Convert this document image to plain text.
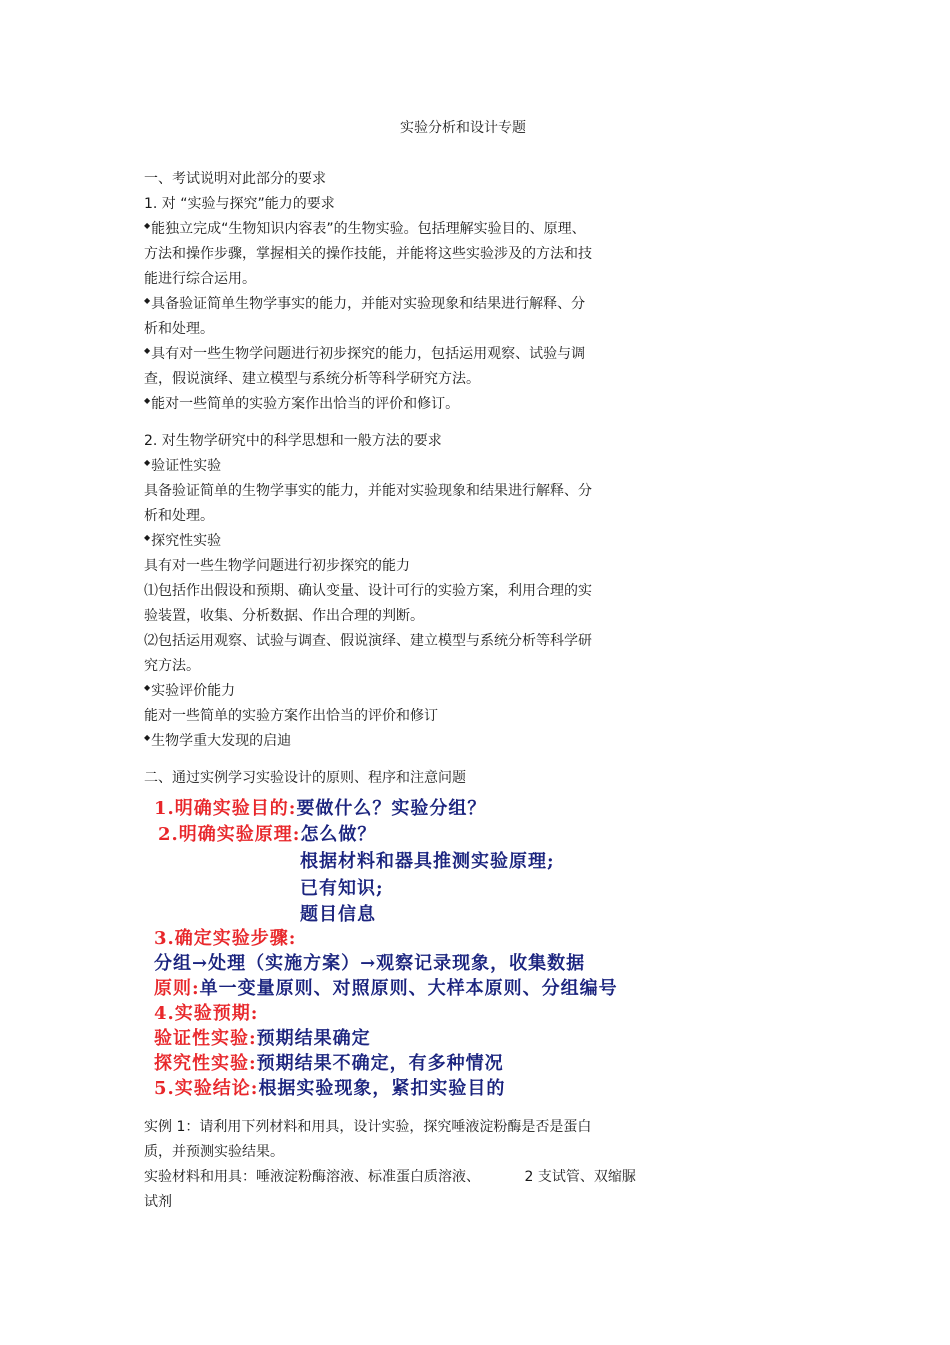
实验分析和设计专题
一、考试说明对此部分的要求
1. 对 “实验与探究”能力的要求
◆能独立完成“生物知识内容表”的生物实验。包括理解实验目的、原理、
方法和操作步骤，掌握相关的操作技能，并能将这些实验涉及的方法和技
能进行综合运用。
◆具备验证简单生物学事实的能力，并能对实验现象和结果进行解释、分
析和处理。
◆具有对一些生物学问题进行初步探究的能力，包括运用观察、试验与调
查，假说演绎、建立模型与系统分析等科学研究方法。
◆能对一些简单的实验方案作出恰当的评价和修订。
2. 对生物学研究中的科学思想和一般方法的要求
◆验证性实验
具备验证简单的生物学事实的能力，并能对实验现象和结果进行解释、分
析和处理。
◆探究性实验
具有对一些生物学问题进行初步探究的能力
⑴包括作出假设和预期、确认变量、设计可行的实验方案，利用合理的实
验装置，收集、分析数据、作出合理的判断。
⑵包括运用观察、试验与调查、假说演绎、建立模型与系统分析等科学研
究方法。
◆实验评价能力
能对一些简单的实验方案作出恰当的评价和修订
◆生物学重大发现的启迪
二、通过实例学习实验设计的原则、程序和注意问题
1.明确实验目的:要做什么？实验分组？
2.明确实验原理:怎么做？
根据材料和器具推测实验原理;
已有知识;
题目信息
3.确定实验步骤:
分组→处理（实施方案）→观察记录现象，收集数据
原则:单一变量原则、对照原则、大样本原则、分组编号
4.实验预期:
验证性实验:预期结果确定
探究性实验:预期结果不确定，有多种情况
5.实验结论:根据实验现象，紧扣实验目的
实例 1：请利用下列材料和用具，设计实验，探究唾液淀粉酶是否是蛋白
质，并预测实验结果。
实验材料和用具：唾液淀粉酶溶液、标准蛋白质溶液、          2 支试管、双缩脲
试剂
